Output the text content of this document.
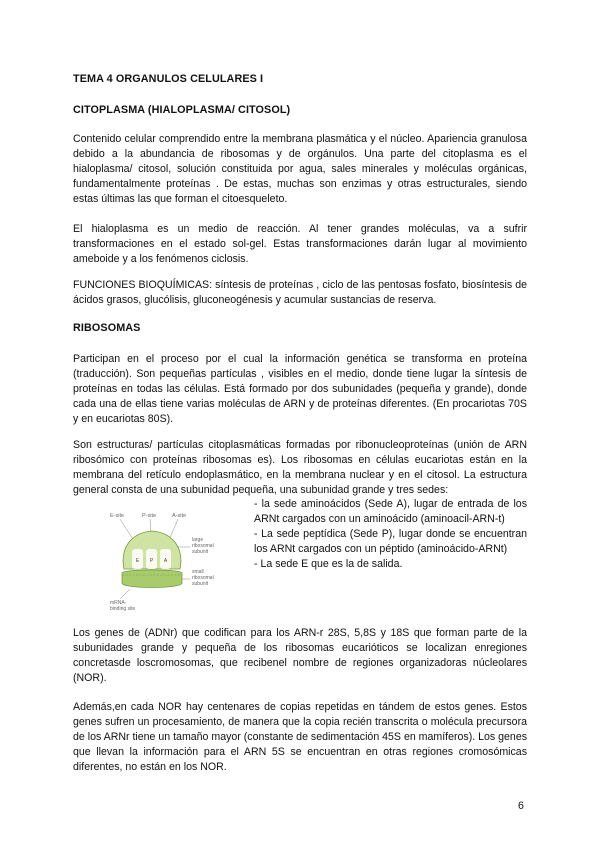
TEMA 4 ORGANULOS CELULARES I

CITOPLASMA (HIALOPLASMA/ CITOSOL)

Contenido celular comprendido entre la membrana plasmática y el núcleo. Apariencia granulosa debido a la abundancia de ribosomas y de orgánulos. Una parte del citoplasma es el hialoplasma/ citosol, solución constituida por agua, sales minerales y moléculas orgánicas, fundamentalmente proteínas . De estas, muchas son enzimas y otras estructurales, siendo estas últimas las que forman el citoesqueleto.

El hialoplasma es un medio de reacción. Al tener grandes moléculas, va a sufrir transformaciones en el estado sol-gel. Estas transformaciones darán lugar al movimiento ameboide y a los fenómenos ciclosis.

FUNCIONES BIOQUÍMICAS: síntesis de proteínas , ciclo de las pentosas fosfato, biosíntesis de ácidos grasos, glucólisis, gluconeogénesis y acumular sustancias de reserva.

RIBOSOMAS

Participan en el proceso por el cual la información genética se transforma en proteína (traducción). Son pequeñas partículas , visibles en el medio, donde tiene lugar la síntesis de proteínas en todas las células. Está formado por dos subunidades (pequeña y grande), donde cada una de ellas tiene varias moléculas de ARN y de proteínas diferentes. (En procariotas 70S y en eucariotas 80S).

Son estructuras/ partículas citoplasmáticas formadas por ribonucleoproteínas (unión de ARN ribosómico con proteínas ribosomas es). Los ribosomas en células eucariotas están en la membrana del retículo endoplasmático, en la membrana nuclear y en el citosol. La estructura general consta de una subunidad pequeña, una subunidad grande y tres sedes:

E-site	P-site	A-site
E P A
large
ribosomal
subunit
small
ribosomal
subunit
mRNA-
binding site

- la sede aminoácidos (Sede A), lugar de entrada de los ARNt cargados con un aminoácido (aminoacil-ARN-t)

- La sede peptídica (Sede P), lugar donde se encuentran los ARNt cargados con un péptido (aminoácido-ARNt)

- La sede E que es la de salida.

Los genes de (ADNr) que codifican para los ARN-r 28S, 5,8S y 18S que forman parte de la subunidades grande y pequeña de los ribosomas eucarióticos se localizan enregiones concretasde loscromosomas, que recibenel nombre de regiones organizadoras núcleolares (NOR).

Además,en cada NOR hay centenares de copias repetidas en tándem de estos genes. Estos genes sufren un procesamiento, de manera que la copia recién transcrita o molécula precursora de los ARNr tiene un tamaño mayor (constante de sedimentación 45S en mamíferos). Los genes que llevan la información para el ARN 5S se encuentran en otras regiones cromosómicas diferentes, no están en los NOR.

6
